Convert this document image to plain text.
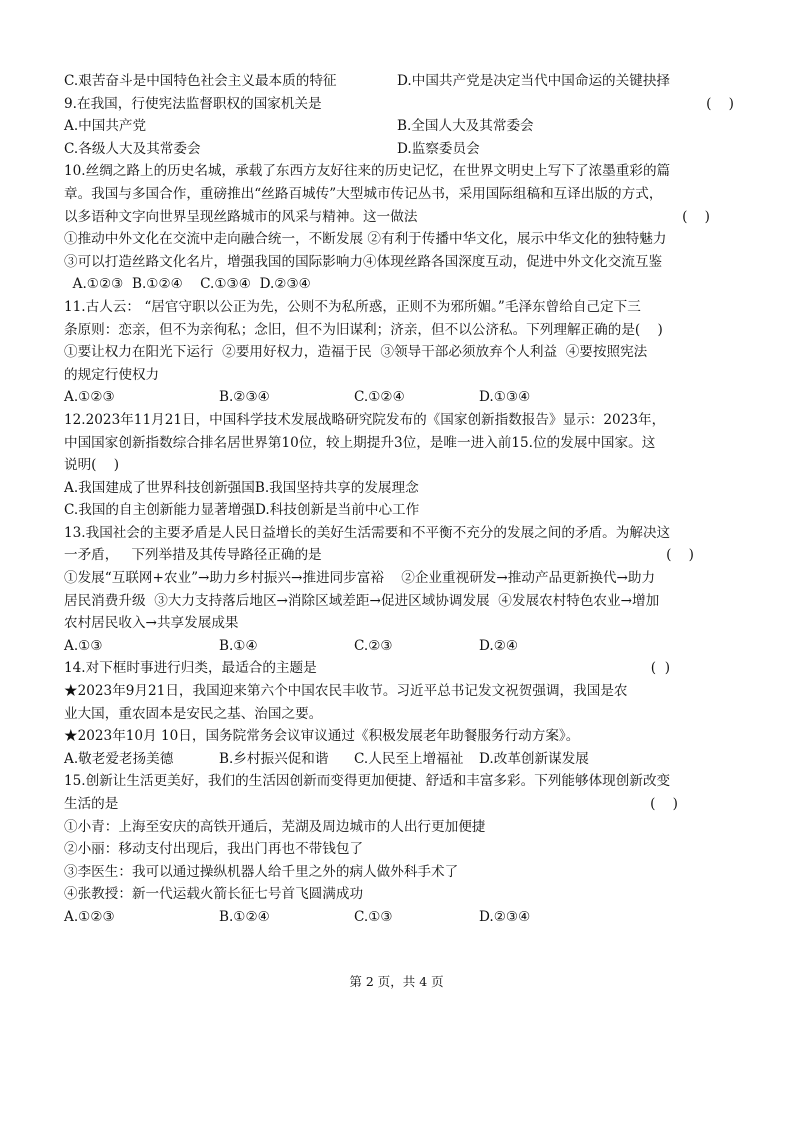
C.艰苦奋斗是中国特色社会主义最本质的特征	D.中国共产党是决定当代中国命运的关键抉择
9.在我国，行使宪法监督职权的国家机关是	(    )
A.中国共产党	B.全国人大及其常委会
C.各级人大及其常委会	D.监察委员会
10.丝绸之路上的历史名城，承载了东西方友好往来的历史记忆，在世界文明史上写下了浓墨重彩的篇
章。我国与多国合作，重磅推出“丝路百城传”大型城市传记丛书，采用国际组稿和互译出版的方式，
以多语种文字向世界呈现丝路城市的风采与精神。这一做法	(    )
①推动中外文化在交流中走向融合统一，不断发展 ②有利于传播中华文化，展示中华文化的独特魅力
③可以打造丝路文化名片，增强我国的国际影响力④体现丝路各国深度互动，促进中外文化交流互鉴
A.①②③  B.①②④    C.①③④  D.②③④
11.古人云： “居官守职以公正为先，公则不为私所惑，正则不为邪所媚。”毛泽东曾给自己定下三
条原则：恋亲，但不为亲徇私；念旧，但不为旧谋利；济亲，但不以公济私。下列理解正确的是(    )
①要让权力在阳光下运行  ②要用好权力，造福于民  ③领导干部必须放弃个人利益  ④要按照宪法
的规定行使权力
A.①②③	B.②③④	C.①②④	D.①③④
12.2023年11月21日，中国科学技术发展战略研究院发布的《国家创新指数报告》显示：2023年，
中国国家创新指数综合排名居世界第10位，较上期提升3位，是唯一进入前15.位的发展中国家。这
说明(    )
A.我国建成了世界科技创新强国B.我国坚持共享的发展理念
C.我国的自主创新能力显著增强D.科技创新是当前中心工作
13.我国社会的主要矛盾是人民日益增长的美好生活需要和不平衡不充分的发展之间的矛盾。为解决这
一矛盾，   下列举措及其传导路径正确的是	(    )
①发展“互联网+农业”→助力乡村振兴→推进同步富裕    ②企业重视研发→推动产品更新换代→助力
居民消费升级  ③大力支持落后地区→消除区域差距→促进区域协调发展  ④发展农村特色农业→增加
农村居民收入→共享发展成果
A.①③	B.①④	C.②③	D.②④
14.对下框时事进行归类，最适合的主题是	(  )
★2023年9月21日，我国迎来第六个中国农民丰收节。习近平总书记发文祝贺强调，我国是农
业大国，重农固本是安民之基、治国之要。
★2023年10月 10日，国务院常务会议审议通过《积极发展老年助餐服务行动方案》。
A.敬老爱老扬美德	B.乡村振兴促和谐 C.人民至上增福祉 D.改革创新谋发展
15.创新让生活更美好，我们的生活因创新而变得更加便捷、舒适和丰富多彩。下列能够体现创新改变
生活的是	(    )
①小青：上海至安庆的高铁开通后，芜湖及周边城市的人出行更加便捷
②小丽：移动支付出现后，我出门再也不带钱包了
③李医生：我可以通过操纵机器人给千里之外的病人做外科手术了
④张教授：新一代运载火箭长征七号首飞圆满成功
A.①②③	B.①②④	C.①③	D.②③④
第 2 页，共 4 页
